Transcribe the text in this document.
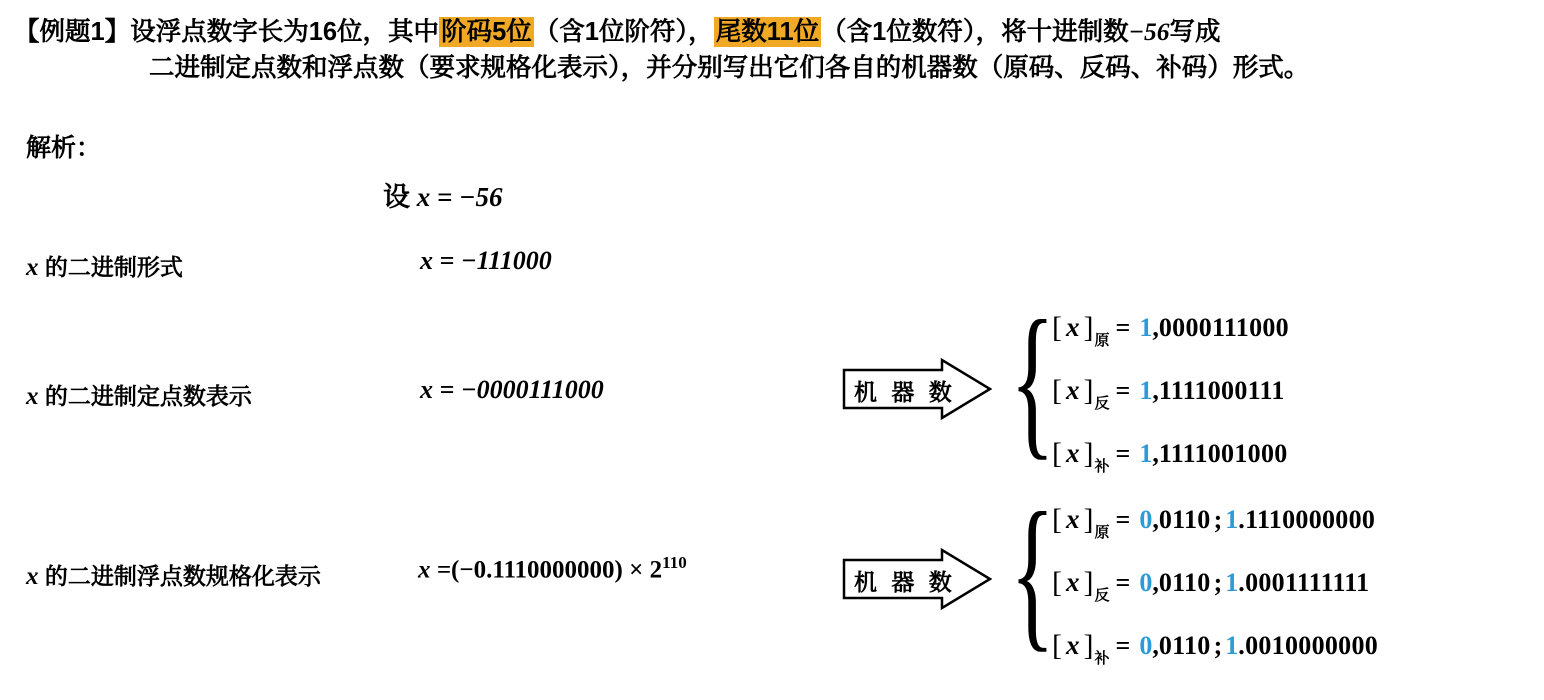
【例题1】设浮点数字长为16位，其中阶码5位（含1位阶符），尾数11位（含1位数符），将十进制数−56写成
二进制定点数和浮点数（要求规格化表示），并分别写出它们各自的机器数（原码、反码、补码）形式。
解析：
设 x = −56
x 的二进制形式	x = −111000
x 的二进制定点数表示	x = −0000111000
x 的二进制浮点数规格化表示	$x =(-0.1110000000) \times 2^{110}$
机 器 数
机 器 数
{
[ x ] 原 = 1 , 0000111000
[ x ] 反 = 1 , 1111000111
[ x ] 补 = 1 , 1111001000
{
[ x ] 原 = 0 , 0110 ; 1 .1110000000
[ x ] 反 = 0 , 0110 ; 1 .0001111111
[ x ] 补 = 0 , 0110 ; 1 .0010000000
